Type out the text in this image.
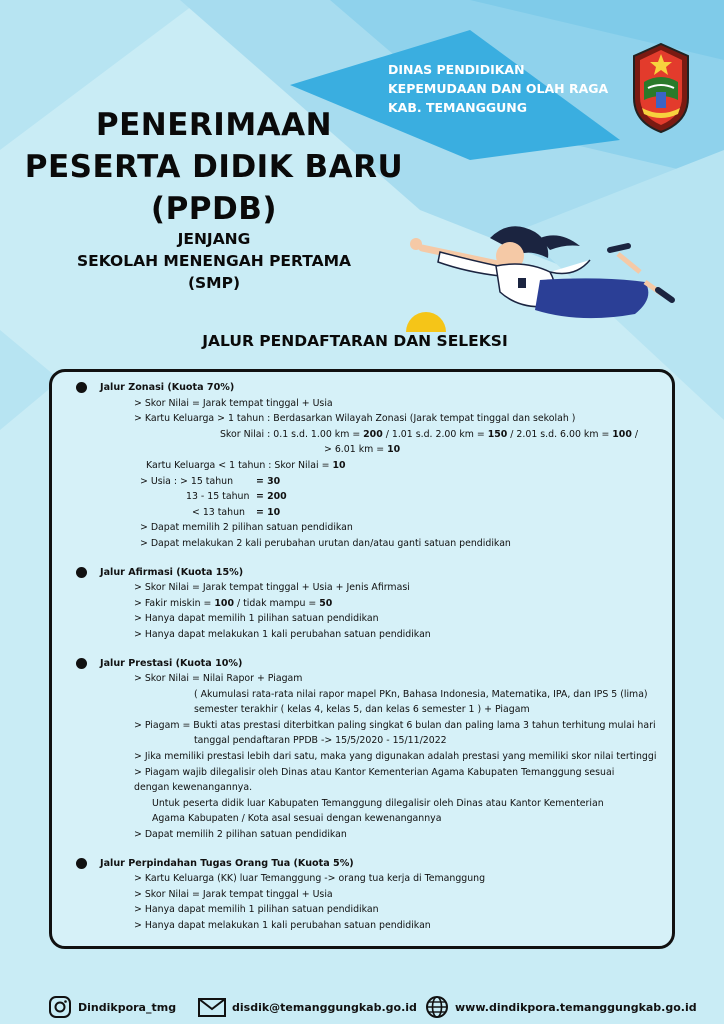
DINAS PENDIDIKAN
KEPEMUDAAN DAN OLAH RAGA
KAB. TEMANGGUNG
PENERIMAAN
PESERTA DIDIK BARU
(PPDB)
JENJANG
SEKOLAH MENENGAH PERTAMA
(SMP)
JALUR PENDAFTARAN DAN SELEKSI
Jalur Zonasi (Kuota 70%)
> Skor Nilai = Jarak tempat tinggal + Usia
> Kartu Keluarga > 1 tahun : Berdasarkan Wilayah Zonasi (Jarak tempat tinggal dan sekolah )
Skor Nilai : 0.1 s.d. 1.00 km = 200 / 1.01 s.d. 2.00 km = 150 / 2.01 s.d. 6.00 km = 100 /
> 6.01 km = 10
Kartu Keluarga < 1 tahun : Skor Nilai = 10
> Usia : > 15 tahun = 30
13 - 15 tahun = 200
< 13 tahun = 10
> Dapat memilih 2 pilihan satuan pendidikan
> Dapat melakukan 2 kali perubahan urutan dan/atau ganti satuan pendidikan
Jalur Afirmasi (Kuota 15%)
> Skor Nilai = Jarak tempat tinggal + Usia + Jenis Afirmasi
> Fakir miskin = 100 / tidak mampu = 50
> Hanya dapat memilih 1 pilihan satuan pendidikan
> Hanya dapat melakukan 1 kali perubahan satuan pendidikan
Jalur Prestasi (Kuota 10%)
> Skor Nilai = Nilai Rapor + Piagam
( Akumulasi rata-rata nilai rapor mapel PKn, Bahasa Indonesia, Matematika, IPA, dan IPS 5 (lima) semester terakhir ( kelas 4, kelas 5, dan kelas 6 semester 1 ) + Piagam
> Piagam = Bukti atas prestasi diterbitkan paling singkat 6 bulan dan paling lama 3 tahun terhitung mulai hari
tanggal pendaftaran PPDB -> 15/5/2020 - 15/11/2022
> Jika memiliki prestasi lebih dari satu, maka yang digunakan adalah prestasi yang memiliki skor nilai tertinggi
> Piagam wajib dilegalisir oleh Dinas atau Kantor Kementerian Agama Kabupaten Temanggung sesuai dengan kewenangannya.
Untuk peserta didik luar Kabupaten Temanggung dilegalisir oleh Dinas atau Kantor Kementerian Agama Kabupaten / Kota asal sesuai dengan kewenangannya
> Dapat memilih 2 pilihan satuan pendidikan
Jalur Perpindahan Tugas Orang Tua (Kuota 5%)
> Kartu Keluarga (KK) luar Temanggung -> orang tua kerja di Temanggung
> Skor Nilai = Jarak tempat tinggal + Usia
> Hanya dapat memilih 1 pilihan satuan pendidikan
> Hanya dapat melakukan 1 kali perubahan satuan pendidikan
Dindikpora_tmg	disdik@temanggungkab.go.id	www.dindikpora.temanggungkab.go.id
